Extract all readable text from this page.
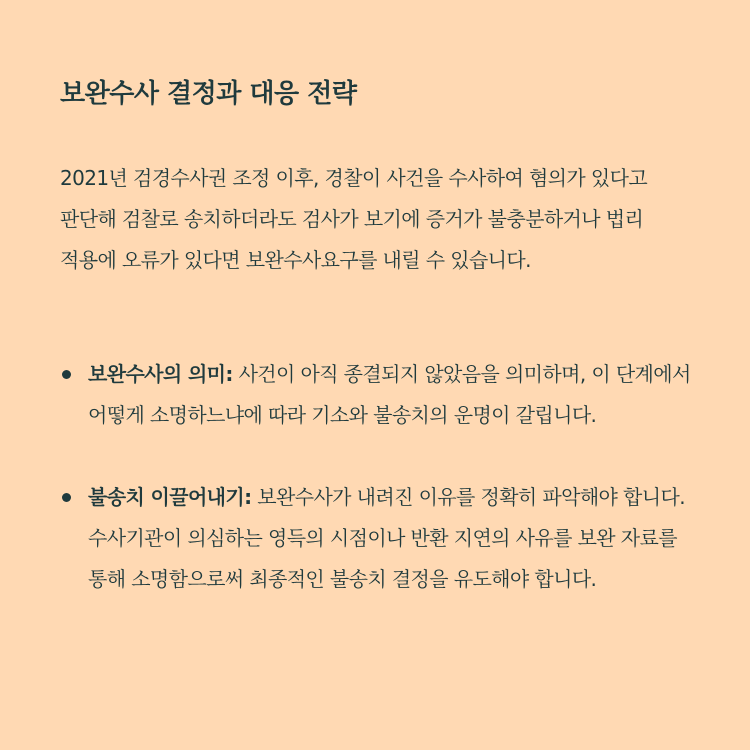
보완수사 결정과 대응 전략

2021년 검경수사권 조정 이후, 경찰이 사건을 수사하여 혐의가 있다고 판단해 검찰로 송치하더라도 검사가 보기에 증거가 불충분하거나 법리 적용에 오류가 있다면 보완수사요구를 내릴 수 있습니다.

보완수사의 의미: 사건이 아직 종결되지 않았음을 의미하며, 이 단계에서 어떻게 소명하느냐에 따라 기소와 불송치의 운명이 갈립니다.
불송치 이끌어내기: 보완수사가 내려진 이유를 정확히 파악해야 합니다. 수사기관이 의심하는 영득의 시점이나 반환 지연의 사유를 보완 자료를 통해 소명함으로써 최종적인 불송치 결정을 유도해야 합니다.
